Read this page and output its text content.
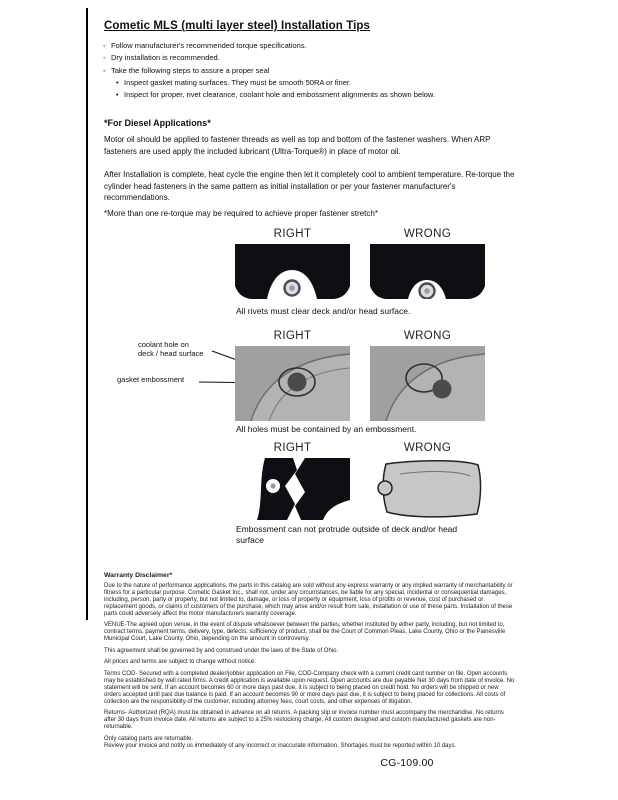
Cometic MLS (multi layer steel) Installation Tips
◦ Follow manufacturer's recommended torque specifications.
◦ Dry installation is recommended.
◦ Take the following steps to assure a proper seal
• Inspect gasket mating surfaces. They must be smooth 50RA or finer.
• Inspect for proper, rivet clearance, coolant hole and embossment alignments as shown below.
*For Diesel Applications*
Motor oil should be applied to fastener threads as well as top and bottom of the fastener washers. When ARP fasteners are used apply the included lubricant (Ultra-Torque®) in place of motor oil.
After Installation is complete, heat cycle the engine then let it completely cool to ambient temperature. Re-torque the cylinder head fasteners in the same pattern as initial installation or per your fastener manufacturer's recommendations.
*More than one re-torque may be required to achieve proper fastener stretch*
RIGHT	WRONG
All rivets must clear deck and/or head surface.
RIGHT	WRONG
coolant hole on
deck / head surface
gasket embossment
All holes must be contained by an embossment.
RIGHT	WRONG
Embossment can not protrude outside of deck and/or head surface
Warranty Disclaimer*

Due to the nature of performance applications, the parts in this catalog are sold without any express warranty or any implied warranty of merchantability or fitness for a particular purpose. Cometic Gasket Inc., shall not, under any circumstances, be liable for any special, incidental or consequential damages, including, person, party or property, but not limited to, damage, or loss of property or equipment, loss of profits or revenue, cost of purchased or replacement goods, or claims of customers of the purchase, which may arise and/or result from sale, installation or use of these parts. Installation of these parts could adversely affect the motor manufacturers warranty coverage.

VENUE-The agreed upon venue, in the event of dispute whatsoever between the parties, whether instituted by either party, including, but not limited to, contract terms, payment terms, delivery, type, defects, sufficiency of product, shall be the Court of Common Pleas, Lake County, Ohio or the Painesville Municipal Court, Lake County, Ohio, depending on the amount in controversy.

This agreement shall be governed by and construed under the laws of the State of Ohio.

All prices and terms are subject to change without notice.

Terms COD- Secured with a completed dealer/jobber application on File, COD-Company check with a current credit card number on file. Open accounts may be established by well rated firms. A credit application is available upon request. Open accounts are due payable Net 30 days from date of invoice. No statement will be sent. If an account becomes 60 or more days past due, it is subject to being placed on credit hold. No orders will be shipped or new orders accepted until past due balance is paid. If an account becomes 90 or more days past due, it is subject to being placed for collections. All costs of collection are the responsibility of the customer, including attorney fees, court costs, and other expenses of litigation.

Returns- Authorized (RQA) must be obtained in advance on all returns. A packing slip or invoice number must accompany the merchandise. No returns after 30 days from invoice date. All returns are subject to a 25% restocking charge. All custom designed and custom manufactured gaskets are non-returnable.

Only catalog parts are returnable.

Review your invoice and notify us immediately of any incorrect or inaccurate information. Shortages must be reported within 10 days.

CG-109.00
